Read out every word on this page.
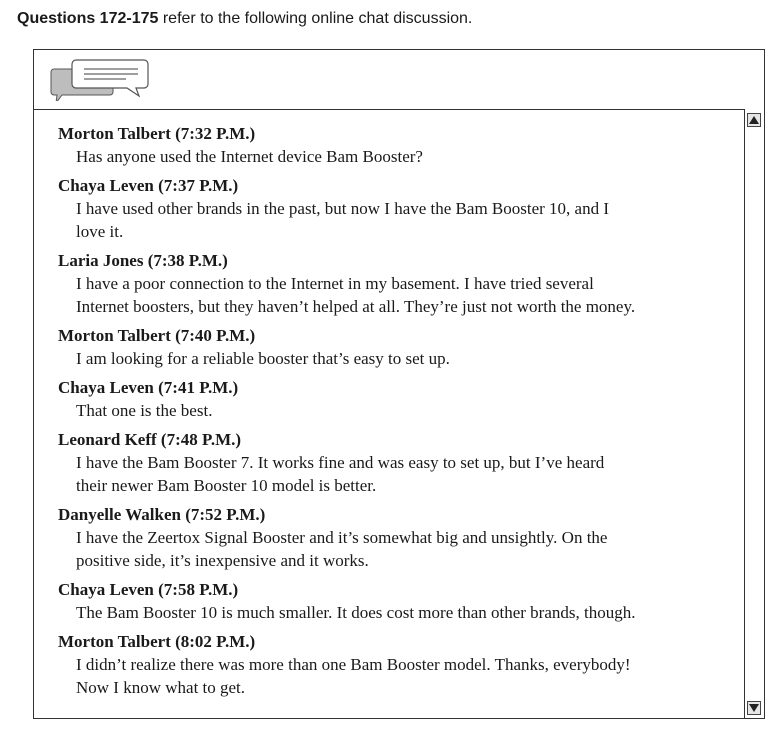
Questions 172-175 refer to the following online chat discussion.
Morton Talbert (7:32 P.M.)
Has anyone used the Internet device Bam Booster?
Chaya Leven (7:37 P.M.)
I have used other brands in the past, but now I have the Bam Booster 10, and I
love it.
Laria Jones (7:38 P.M.)
I have a poor connection to the Internet in my basement. I have tried several
Internet boosters, but they haven’t helped at all. They’re just not worth the money.
Morton Talbert (7:40 P.M.)
I am looking for a reliable booster that’s easy to set up.
Chaya Leven (7:41 P.M.)
That one is the best.
Leonard Keff (7:48 P.M.)
I have the Bam Booster 7. It works fine and was easy to set up, but I’ve heard
their newer Bam Booster 10 model is better.
Danyelle Walken (7:52 P.M.)
I have the Zeertox Signal Booster and it’s somewhat big and unsightly. On the
positive side, it’s inexpensive and it works.
Chaya Leven (7:58 P.M.)
The Bam Booster 10 is much smaller. It does cost more than other brands, though.
Morton Talbert (8:02 P.M.)
I didn’t realize there was more than one Bam Booster model. Thanks, everybody!
Now I know what to get.
